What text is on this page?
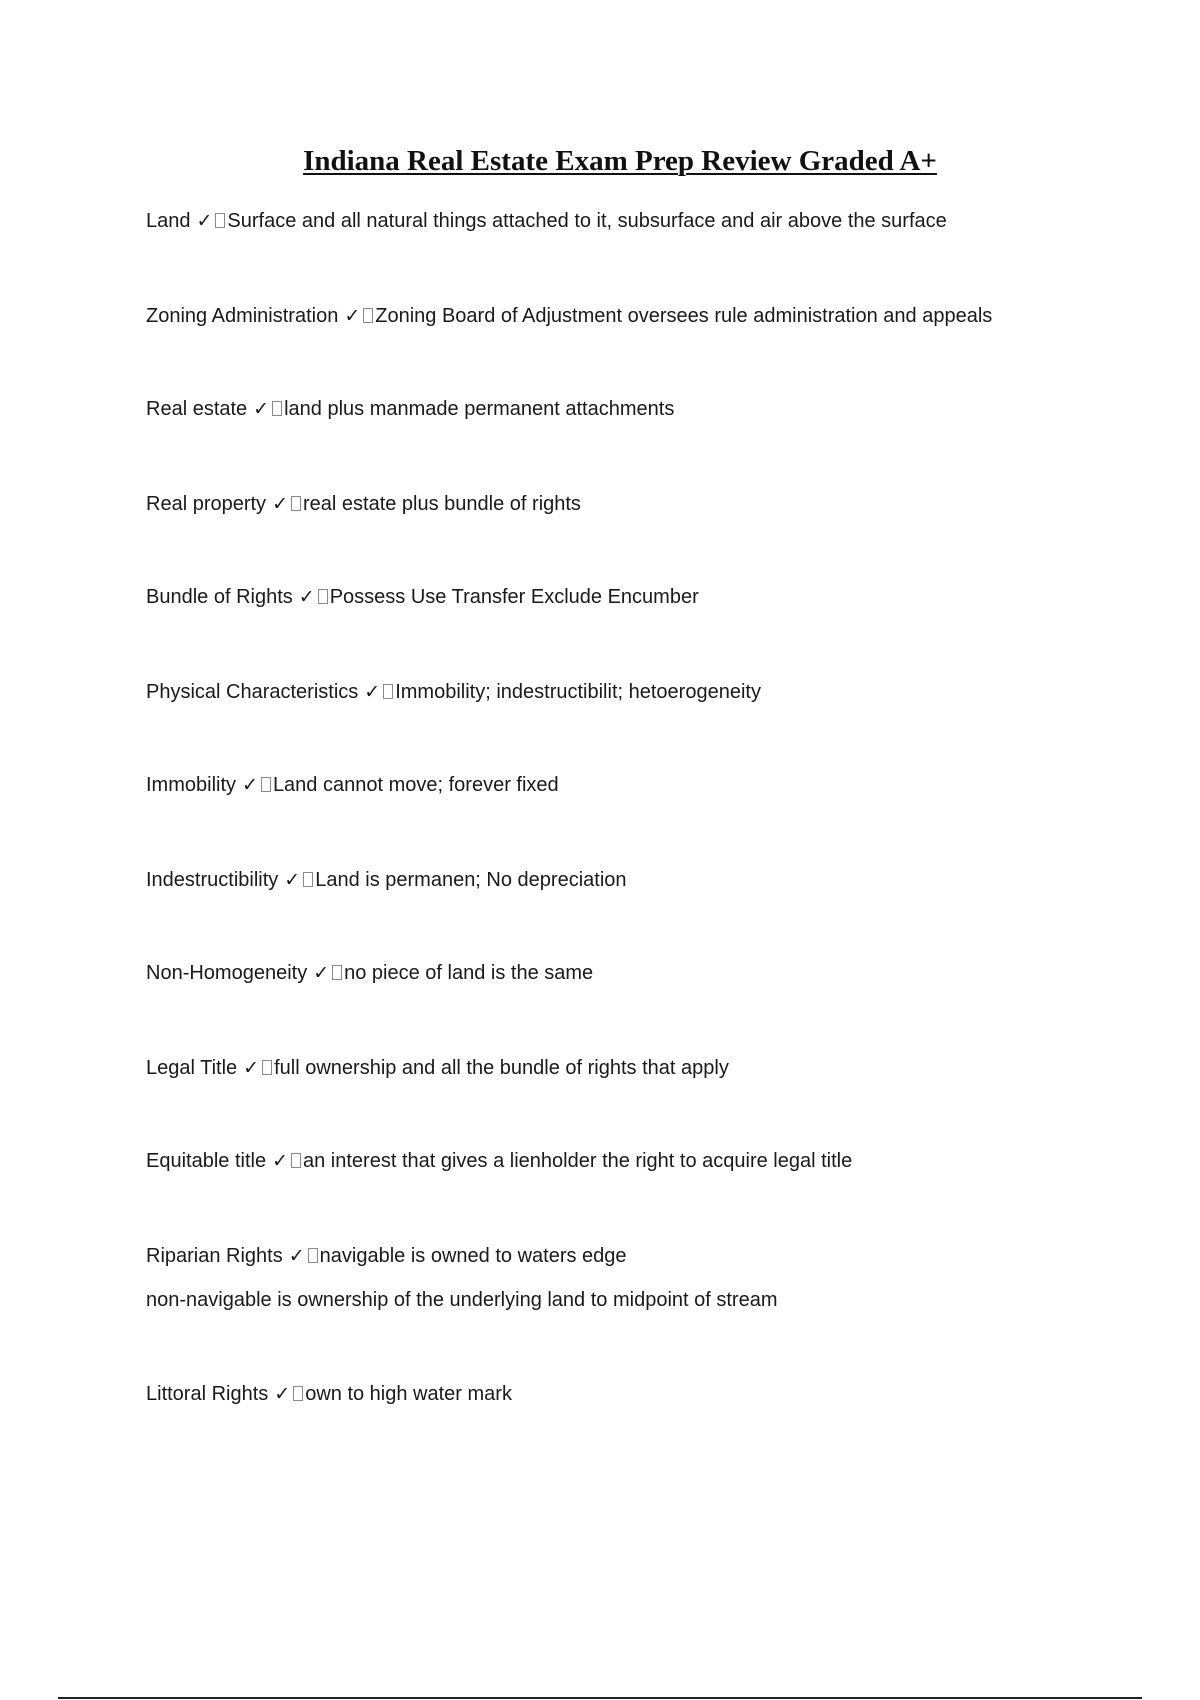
Indiana Real Estate Exam Prep Review Graded A+
Land ✓ Surface and all natural things attached to it, subsurface and air above the surface
Zoning Administration ✓ Zoning Board of Adjustment oversees rule administration and appeals
Real estate ✓ land plus manmade permanent attachments
Real property ✓ real estate plus bundle of rights
Bundle of Rights ✓ Possess Use Transfer Exclude Encumber
Physical Characteristics ✓ Immobility; indestructibilit; hetoerogeneity
Immobility ✓ Land cannot move; forever fixed
Indestructibility ✓ Land is permanen; No depreciation
Non-Homogeneity ✓ no piece of land is the same
Legal Title ✓ full ownership and all the bundle of rights that apply
Equitable title ✓ an interest that gives a lienholder the right to acquire legal title
Riparian Rights ✓ navigable is owned to waters edge
non-navigable is ownership of the underlying land to midpoint of stream
Littoral Rights ✓ own to high water mark
